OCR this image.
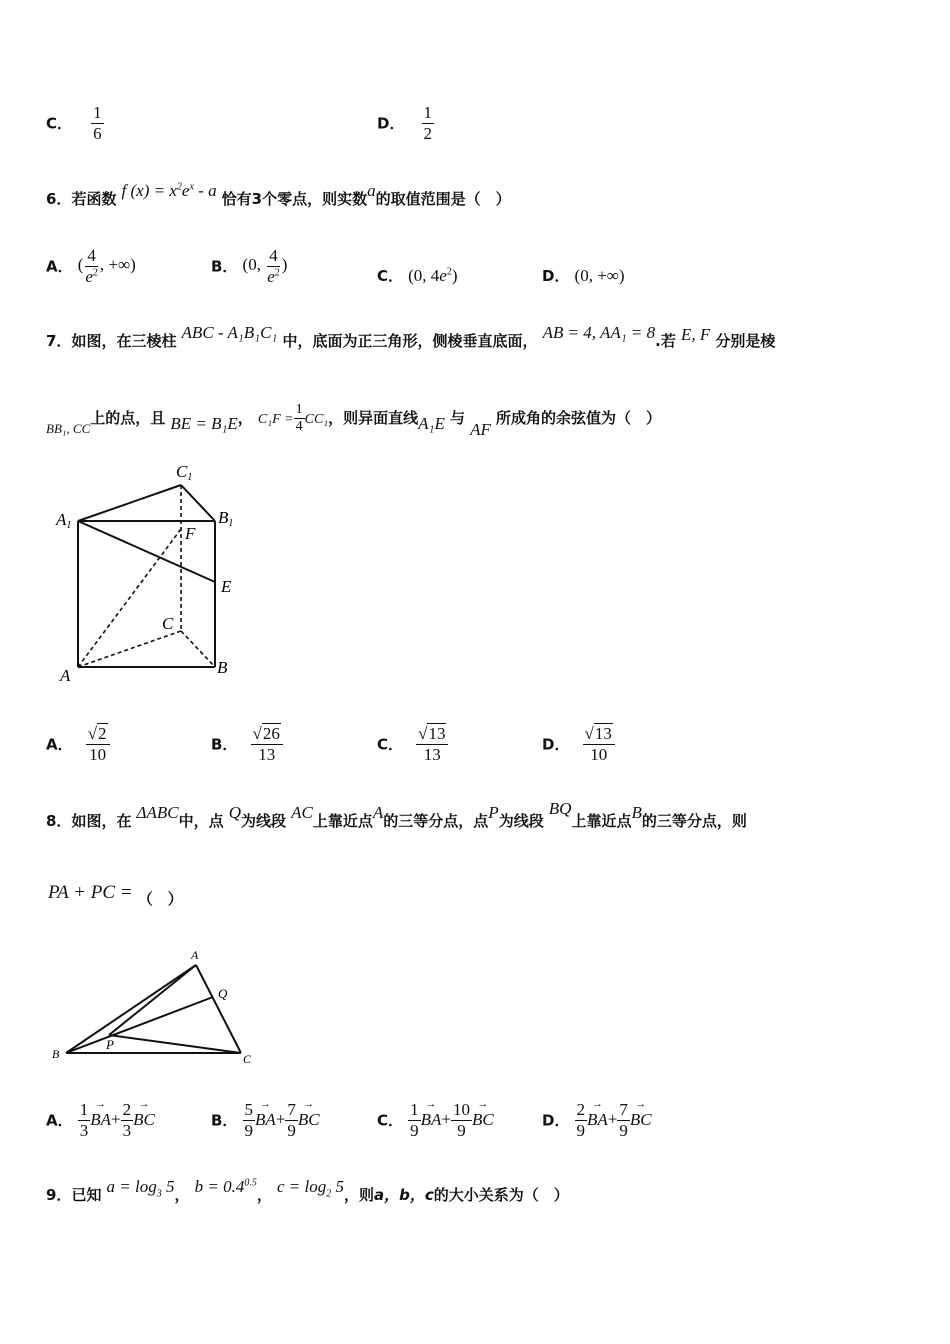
C． $\frac{1}{6}$	D． $\frac{1}{2}$
6．若函数 f $(x) = x^2e^x - a$ 恰有3个零点，则实数a的取值范围是（　）
A． ( $\frac{4}{e^2}$ , +∞)	B． (0, $\frac{4}{e^2}$ )
C． (0, $4e^2$)	D． (0, +∞)
7．如图，在三棱柱 ABC - A₁B₁C₁ 中，底面为正三角形，侧棱垂直底面， AB = 4, AA₁ = 8.若 E, F 分别是棱
$_{BB_1, CC}$上的点，且 BE = B₁E， $C_1F = \frac{1}{4} CC_1$，则异面直线A₁E 与 AF 所成角的余弦值为（　）
C1
A1	B1
F
E
C
A	B
A． $\frac{√2}{10}$	B． $\frac{√26}{13}$	C． $\frac{√13}{13}$	D． $\frac{√13}{10}$
8．如图，在 ΔABC中，点 Q为线段 AC上靠近点A的三等分点，点P为线段 BQ上靠近点B的三等分点，则
PA + PC = （　）
A
Q
B
P
C
A． $\frac{1}{3}$
→ $BA+ \frac{2}{3}$
→ BC	B． $\frac{5}{9}$
→ $BA+ \frac{7}{9}$
→ BC	C． $\frac{1}{9}$
→ $BA+ \frac{10}{9}$
→ BC	D． $\frac{2}{9}$
→ $BA+ \frac{7}{9}$
→ BC
9．已知 $a = \log_3 5$， $b = 0.4^{0.5}$， $c = \log_2 5$，则a，b，c的大小关系为（　）
